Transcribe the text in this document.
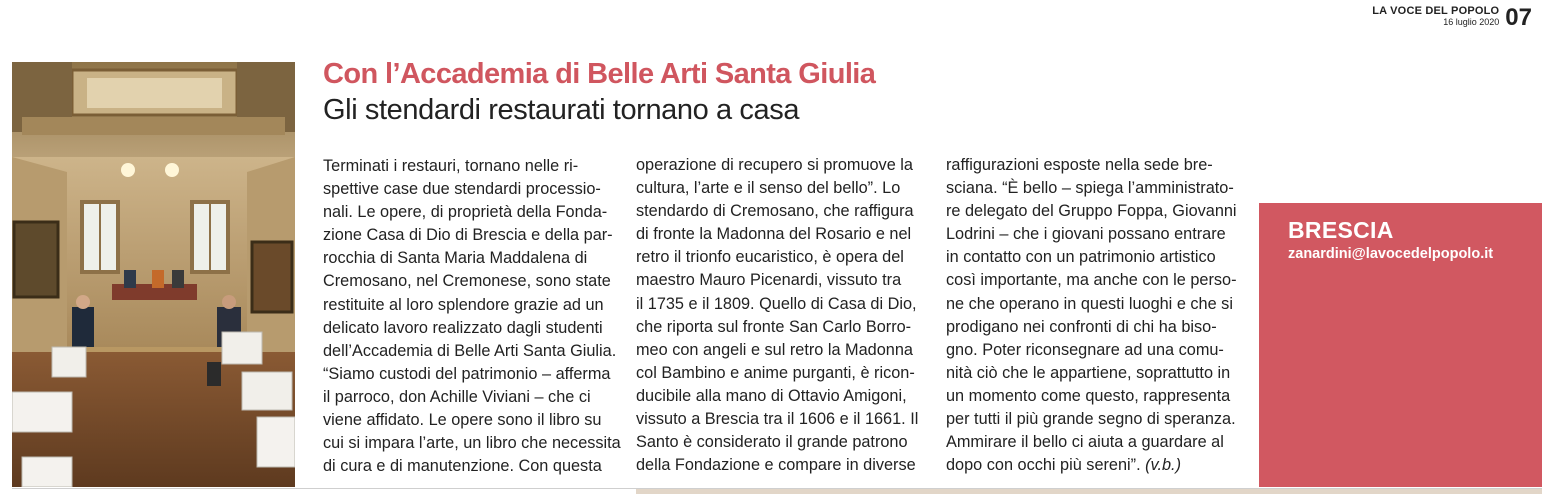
LA VOCE DEL POPOLO
16 luglio 2020 07
Con l’Accademia di Belle Arti Santa Giulia
Gli stendardi restaurati tornano a casa
Terminati i restauri, tornano nelle ri-
spettive case due stendardi processio-
nali. Le opere, di proprietà della Fonda-
zione Casa di Dio di Brescia e della par-
rocchia di Santa Maria Maddalena di
Cremosano, nel Cremonese, sono state
restituite al loro splendore grazie ad un
delicato lavoro realizzato dagli studenti
dell’Accademia di Belle Arti Santa Giulia.
“Siamo custodi del patrimonio – afferma
il parroco, don Achille Viviani – che ci
viene affidato. Le opere sono il libro su
cui si impara l’arte, un libro che necessita
di cura e di manutenzione. Con questa
operazione di recupero si promuove la
cultura, l’arte e il senso del bello”. Lo
stendardo di Cremosano, che raffigura
di fronte la Madonna del Rosario e nel
retro il trionfo eucaristico, è opera del
maestro Mauro Picenardi, vissuto tra
il 1735 e il 1809. Quello di Casa di Dio,
che riporta sul fronte San Carlo Borro-
meo con angeli e sul retro la Madonna
col Bambino e anime purganti, è ricon-
ducibile alla mano di Ottavio Amigoni,
vissuto a Brescia tra il 1606 e il 1661. Il
Santo è considerato il grande patrono
della Fondazione e compare in diverse
raffigurazioni esposte nella sede bre-
sciana. “È bello – spiega l’amministrato-
re delegato del Gruppo Foppa, Giovanni
Lodrini – che i giovani possano entrare
in contatto con un patrimonio artistico
così importante, ma anche con le perso-
ne che operano in questi luoghi e che si
prodigano nei confronti di chi ha biso-
gno. Poter riconsegnare ad una comu-
nità ciò che le appartiene, soprattutto in
un momento come questo, rappresenta
per tutti il più grande segno di speranza.
Ammirare il bello ci aiuta a guardare al
dopo con occhi più sereni”. (v.b.)
BRESCIA
zanardini@lavocedelpopolo.it
